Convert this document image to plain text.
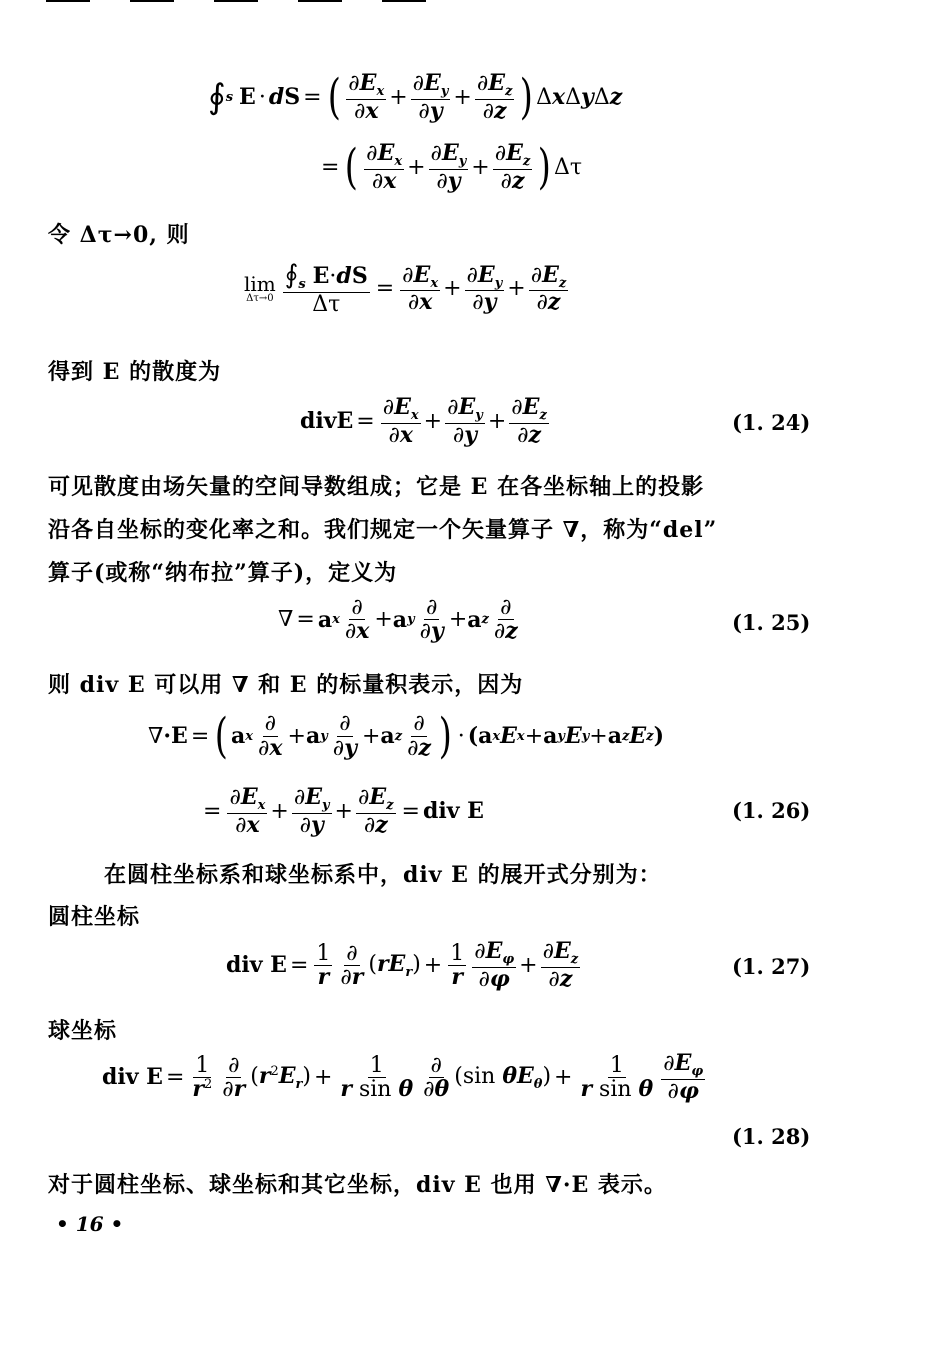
∮ s E · d S = ( $\frac{\partial E_x}{\partial x} + \frac{\partial E_y}{\partial y} + \frac{\partial E_z}{\partial z}$ ) ΔxΔyΔz
= ( $\frac{\partial E_x}{\partial x} + \frac{\partial E_y}{\partial y} + \frac{\partial E_z}{\partial z}$ ) Δτ
令 Δτ→0, 则
lim
$\Delta\tau\to 0 \frac{∮_s E\cdot dS}{\Delta\tau} = \frac{\partial E_x}{\partial x} + \frac{\partial E_y}{\partial y} + \frac{\partial E_z}{\partial z}$
得到 E 的散度为
divE = $\frac{\partial E_x}{\partial x} + \frac{\partial E_y}{\partial y} + \frac{\partial E_z}{\partial z}$	(1. 24)
可见散度由场矢量的空间导数组成；它是 E 在各坐标轴上的投影
沿各自坐标的变化率之和。我们规定一个矢量算子 ∇，称为“del”
算子(或称“纳布拉”算子)，定义为
∇ = a x $\frac{\partial}{\partial x} + a$ y $\frac{\partial}{\partial y} + a$ z $\frac{\partial}{\partial z}$	(1. 25)
则 div E 可以用 ∇ 和 E 的标量积表示，因为
∇ ·E = ( a x $\frac{\partial}{\partial x} + a$ y $\frac{\partial}{\partial y} + a$ z $\frac{\partial}{\partial z}$ ) · (a x E x + a y E y + a z E z )
= $\frac{\partial E_x}{\partial x} + \frac{\partial E_y}{\partial y} + \frac{\partial E_z}{\partial z}$ = div E	(1. 26)
在圆柱坐标系和球坐标系中，div E 的展开式分别为：
圆柱坐标
div $E = \frac{1}{r} \frac{\partial}{\partial r} (rE_r) + \frac{1}{r} \frac{\partial E_\varphi}{\partial\varphi} + \frac{\partial E_z}{\partial z}$	(1. 27)
球坐标
div $E = \frac{1}{r^2} \frac{\partial}{\partial r} (r^2E_r) + \frac{1}{\text{r sin θ}} \frac{\partial}{\partial\theta} (\sin$ $\theta E_\theta) + \frac{1}{\text{r sin θ}} \frac{\partial E_\varphi}{\partial\varphi}$
(1. 28)
对于圆柱坐标、球坐标和其它坐标，div E 也用 ∇·E 表示。
• 16 •
